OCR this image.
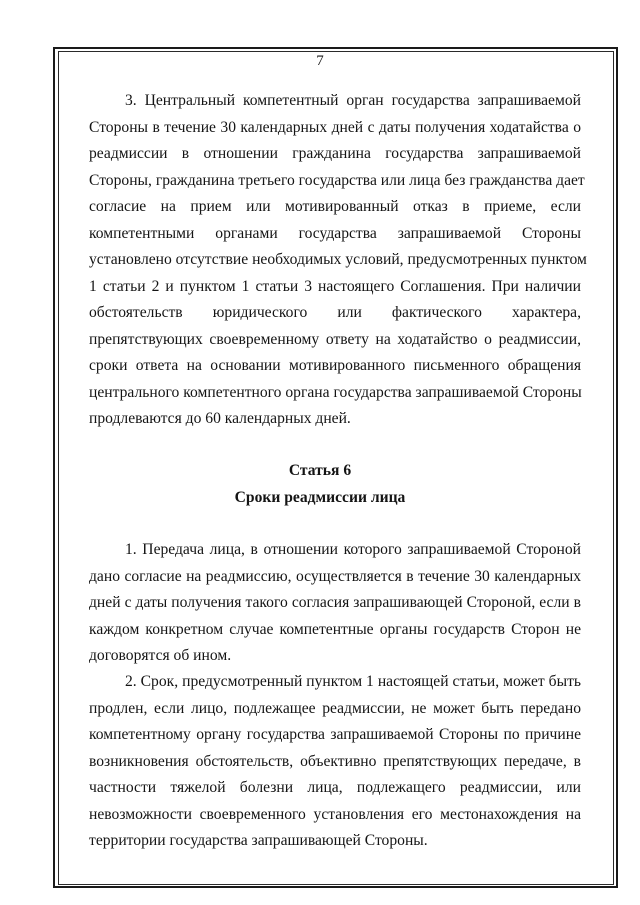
7
3. Центральный компетентный орган государства запрашиваемой
Стороны в течение 30 календарных дней с даты получения ходатайства о
реадмиссии в отношении гражданина государства запрашиваемой
Стороны, гражданина третьего государства или лица без гражданства дает
согласие на прием или мотивированный отказ в приеме, если
компетентными органами государства запрашиваемой Стороны
установлено отсутствие необходимых условий, предусмотренных пунктом
1 статьи 2 и пунктом 1 статьи 3 настоящего Соглашения. При наличии
обстоятельств юридического или фактического характера,
препятствующих своевременному ответу на ходатайство о реадмиссии,
сроки ответа на основании мотивированного письменного обращения
центрального компетентного органа государства запрашиваемой Стороны
продлеваются до 60 календарных дней.
Статья 6
Сроки реадмиссии лица
1. Передача лица, в отношении которого запрашиваемой Стороной
дано согласие на реадмиссию, осуществляется в течение 30 календарных
дней с даты получения такого согласия запрашивающей Стороной, если в
каждом конкретном случае компетентные органы государств Сторон не
договорятся об ином.
2. Срок, предусмотренный пунктом 1 настоящей статьи, может быть
продлен, если лицо, подлежащее реадмиссии, не может быть передано
компетентному органу государства запрашиваемой Стороны по причине
возникновения обстоятельств, объективно препятствующих передаче, в
частности тяжелой болезни лица, подлежащего реадмиссии, или
невозможности своевременного установления его местонахождения на
территории государства запрашивающей Стороны.
